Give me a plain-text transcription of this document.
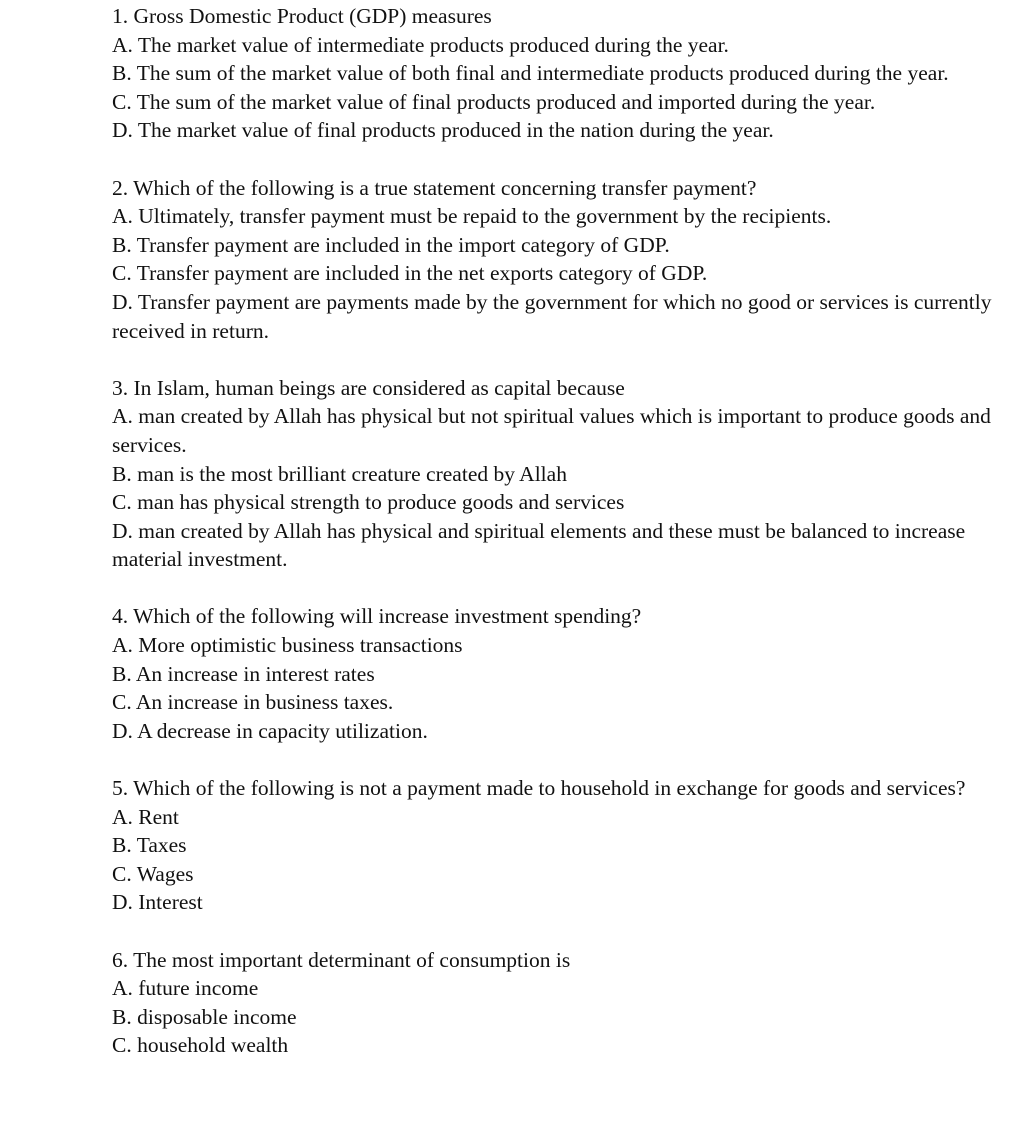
1. Gross Domestic Product (GDP) measures
A. The market value of intermediate products produced during the year.
B. The sum of the market value of both final and intermediate products produced during the year.
C. The sum of the market value of final products produced and imported during the year.
D. The market value of final products produced in the nation during the year.
2. Which of the following is a true statement concerning transfer payment?
A. Ultimately, transfer payment must be repaid to the government by the recipients.
B. Transfer payment are included in the import category of GDP.
C. Transfer payment are included in the net exports category of GDP.
D. Transfer payment are payments made by the government for which no good or services is currently received in return.
3. In Islam, human beings are considered as capital because
A. man created by Allah has physical but not spiritual values which is important to produce goods and services.
B. man is the most brilliant creature created by Allah
C. man has physical strength to produce goods and services
D. man created by Allah has physical and spiritual elements and these must be balanced to increase material investment.
4. Which of the following will increase investment spending?
A. More optimistic business transactions
B. An increase in interest rates
C. An increase in business taxes.
D. A decrease in capacity utilization.
5. Which of the following is not a payment made to household in exchange for goods and services?
A. Rent
B. Taxes
C. Wages
D. Interest
6. The most important determinant of consumption is
A. future income
B. disposable income
C. household wealth
